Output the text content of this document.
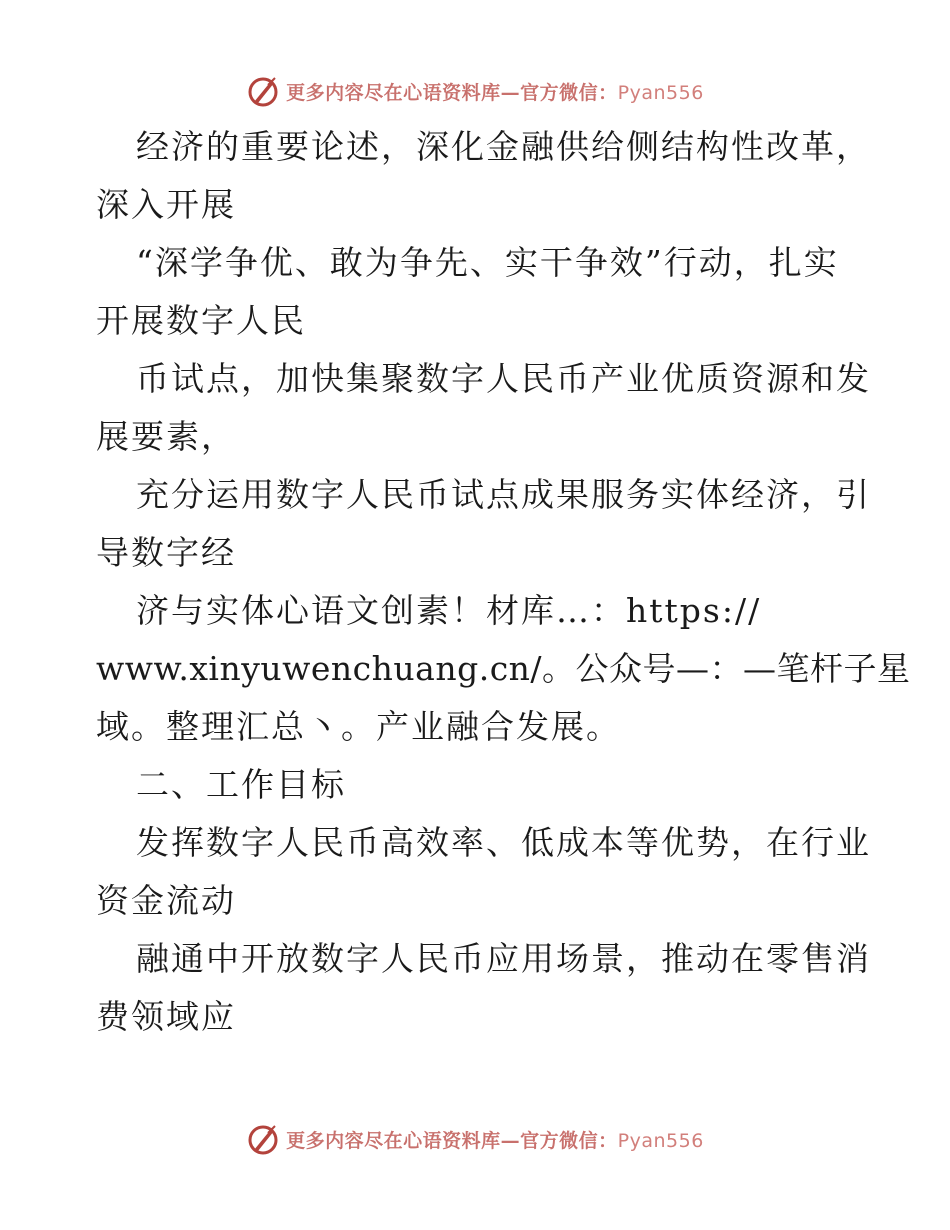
更多内容尽在心语资料库—官方微信：Pyan556
经济的重要论述，深化金融供给侧结构性改革，
深入开展
“深学争优、敢为争先、实干争效”行动，扎实
开展数字人民
币试点，加快集聚数字人民币产业优质资源和发
展要素，
充分运用数字人民币试点成果服务实体经济，引
导数字经
济与实体心语文创素！材库…：https://
www.xinyuwenchuang.cn/。公众号—：—笔杆子星
域。整理汇总丶。产业融合发展。
二、工作目标
发挥数字人民币高效率、低成本等优势，在行业
资金流动
融通中开放数字人民币应用场景，推动在零售消
费领域应
更多内容尽在心语资料库—官方微信：Pyan556
